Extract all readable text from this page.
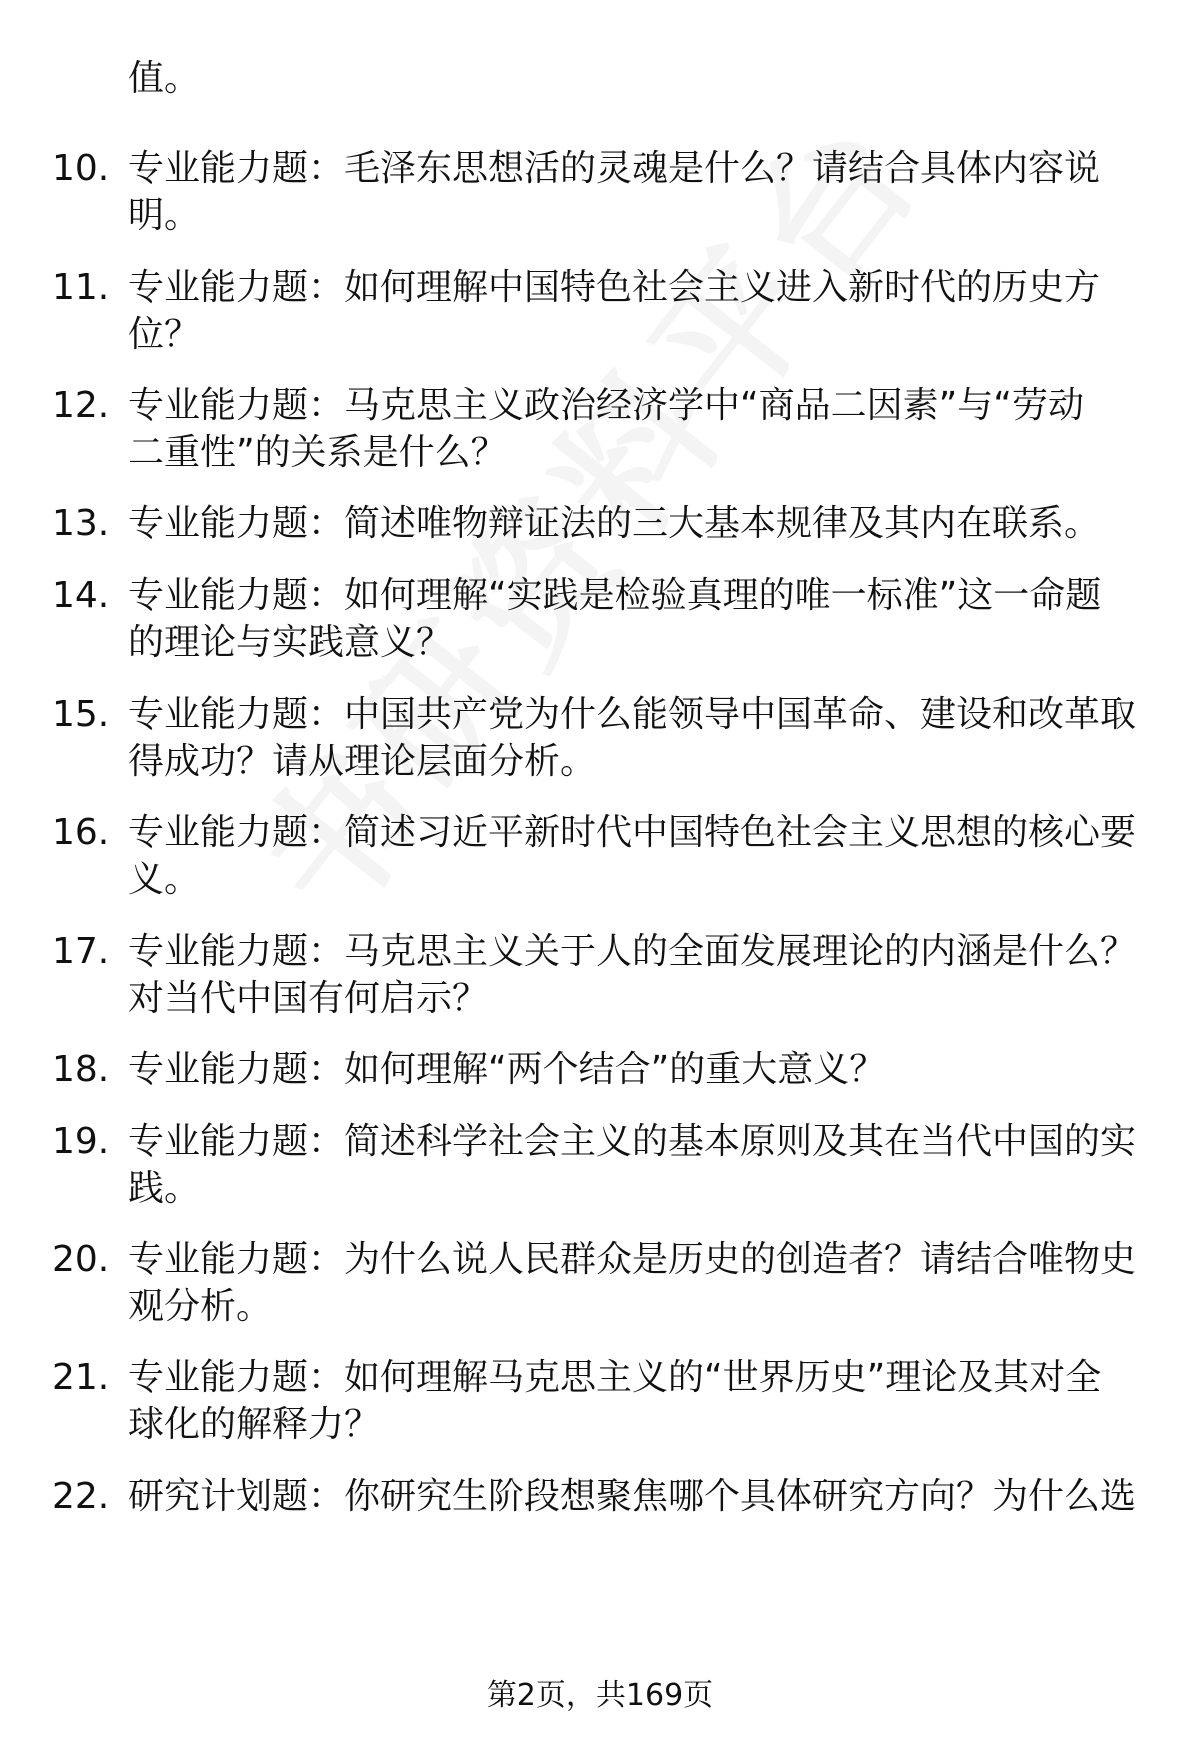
值。
10. 专业能力题：毛泽东思想活的灵魂是什么？请结合具体内容说
明。
11. 专业能力题：如何理解中国特色社会主义进入新时代的历史方
位？
12. 专业能力题：马克思主义政治经济学中“商品二因素”与“劳动
二重性”的关系是什么？
13. 专业能力题：简述唯物辩证法的三大基本规律及其内在联系。
14. 专业能力题：如何理解“实践是检验真理的唯一标准”这一命题
的理论与实践意义？
15. 专业能力题：中国共产党为什么能领导中国革命、建设和改革取
得成功？请从理论层面分析。
16. 专业能力题：简述习近平新时代中国特色社会主义思想的核心要
义。
17. 专业能力题：马克思主义关于人的全面发展理论的内涵是什么？
对当代中国有何启示？
18. 专业能力题：如何理解“两个结合”的重大意义？
19. 专业能力题：简述科学社会主义的基本原则及其在当代中国的实
践。
20. 专业能力题：为什么说人民群众是历史的创造者？请结合唯物史
观分析。
21. 专业能力题：如何理解马克思主义的“世界历史”理论及其对全
球化的解释力？
22. 研究计划题：你研究生阶段想聚焦哪个具体研究方向？为什么选
第2页，共169页
